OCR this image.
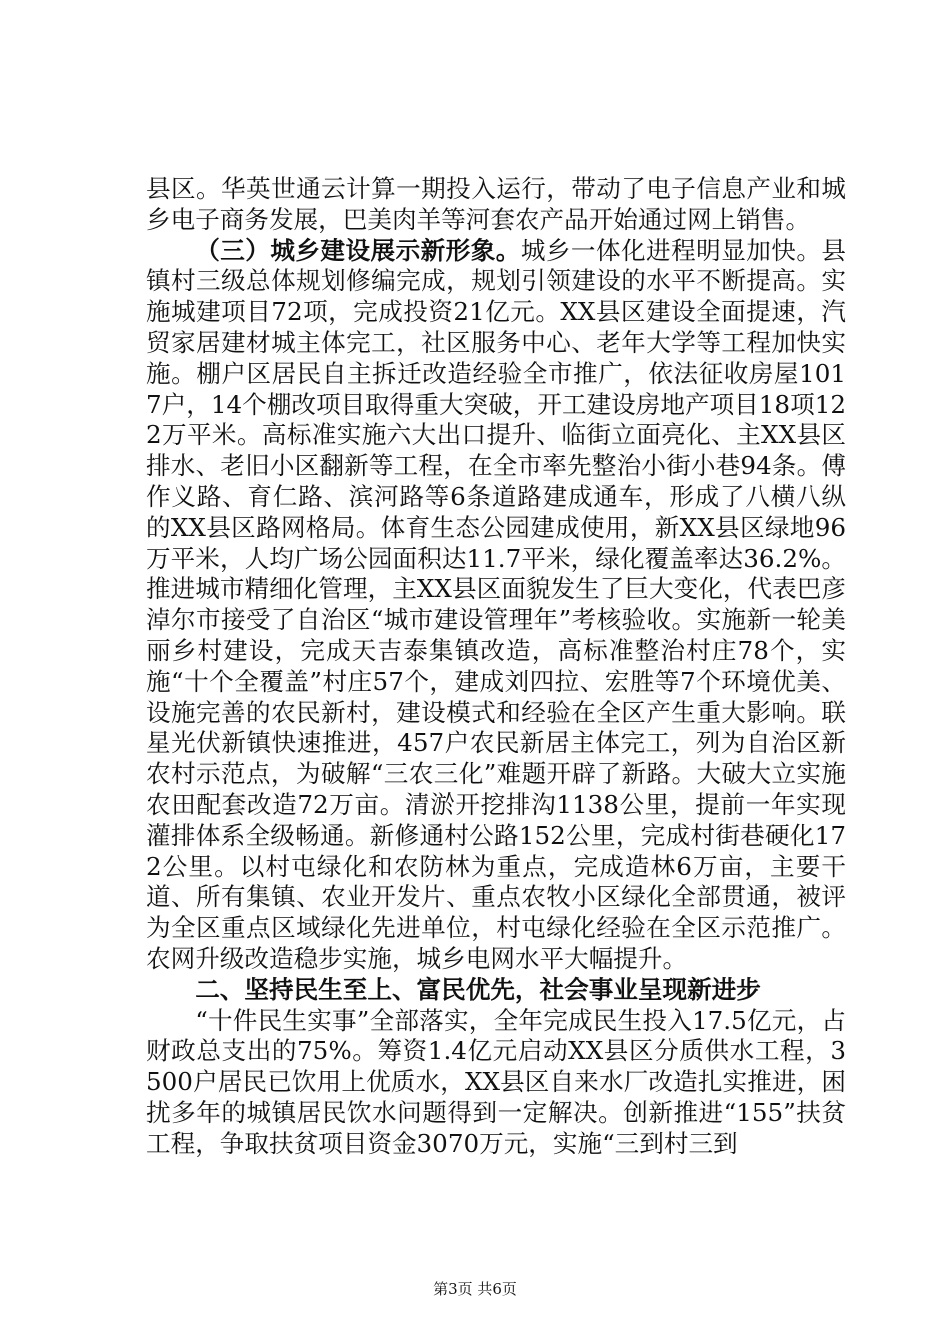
县区。华英世通云计算一期投入运行，带动了电子信息产业和城乡电子商务发展，巴美肉羊等河套农产品开始通过网上销售。

（三）城乡建设展示新形象。城乡一体化进程明显加快。县镇村三级总体规划修编完成，规划引领建设的水平不断提高。实施城建项目72项，完成投资21亿元。XX县区建设全面提速，汽贸家居建材城主体完工，社区服务中心、老年大学等工程加快实施。棚户区居民自主拆迁改造经验全市推广，依法征收房屋1017户，14个棚改项目取得重大突破，开工建设房地产项目18项122万平米。高标准实施六大出口提升、临街立面亮化、主XX县区排水、老旧小区翻新等工程，在全市率先整治小街小巷94条。傅作义路、育仁路、滨河路等6条道路建成通车，形成了八横八纵的XX县区路网格局。体育生态公园建成使用，新XX县区绿地96万平米，人均广场公园面积达11.7平米，绿化覆盖率达36.2%。推进城市精细化管理，主XX县区面貌发生了巨大变化，代表巴彦淖尔市接受了自治区“城市建设管理年”考核验收。实施新一轮美丽乡村建设，完成天吉泰集镇改造，高标准整治村庄78个，实施“十个全覆盖”村庄57个，建成刘四拉、宏胜等7个环境优美、设施完善的农民新村，建设模式和经验在全区产生重大影响。联星光伏新镇快速推进，457户农民新居主体完工，列为自治区新农村示范点，为破解“三农三化”难题开辟了新路。大破大立实施农田配套改造72万亩。清淤开挖排沟1138公里，提前一年实现灌排体系全级畅通。新修通村公路152公里，完成村街巷硬化172公里。以村屯绿化和农防林为重点，完成造林6万亩，主要干道、所有集镇、农业开发片、重点农牧小区绿化全部贯通，被评为全区重点区域绿化先进单位，村屯绿化经验在全区示范推广。农网升级改造稳步实施，城乡电网水平大幅提升。

二、坚持民生至上、富民优先，社会事业呈现新进步

“十件民生实事”全部落实，全年完成民生投入17.5亿元，占财政总支出的75%。筹资1.4亿元启动XX县区分质供水工程，3500户居民已饮用上优质水，XX县区自来水厂改造扎实推进，困扰多年的城镇居民饮水问题得到一定解决。创新推进“155”扶贫工程，争取扶贫项目资金3070万元，实施“三到村三到

第3页 共6页
